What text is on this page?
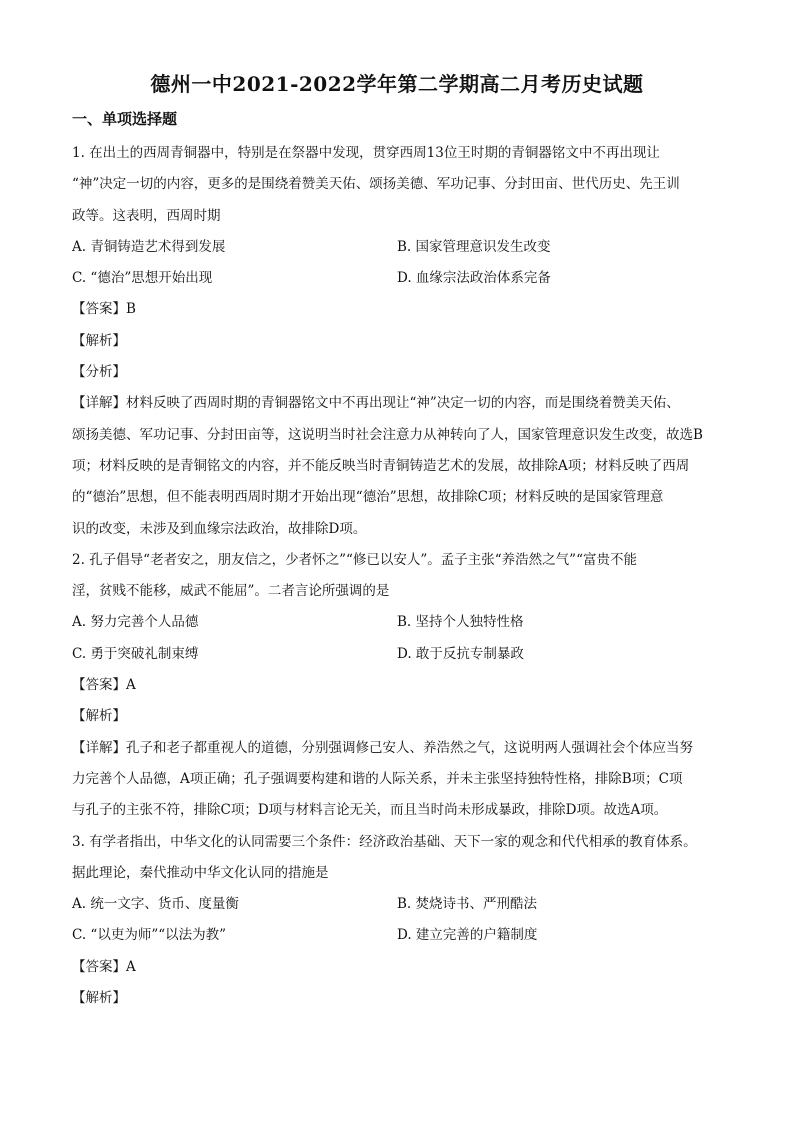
德州一中2021-2022学年第二学期高二月考历史试题
一、单项选择题
1. 在出土的西周青铜器中，特别是在祭器中发现，贯穿西周13位王时期的青铜器铭文中不再出现让
“神”决定一切的内容，更多的是围绕着赞美天佑、颂扬美德、军功记事、分封田亩、世代历史、先王训
政等。这表明，西周时期
A. 青铜铸造艺术得到发展	B. 国家管理意识发生改变
C. “德治”思想开始出现	D. 血缘宗法政治体系完备
【答案】B
【解析】
【分析】
【详解】材料反映了西周时期的青铜器铭文中不再出现让“神”决定一切的内容，而是围绕着赞美天佑、
颂扬美德、军功记事、分封田亩等，这说明当时社会注意力从神转向了人，国家管理意识发生改变，故选B
项；材料反映的是青铜铭文的内容，并不能反映当时青铜铸造艺术的发展，故排除A项；材料反映了西周
的“德治”思想，但不能表明西周时期才开始出现“德治”思想，故排除C项；材料反映的是国家管理意
识的改变，未涉及到血缘宗法政治，故排除D项。
2. 孔子倡导“老者安之，朋友信之，少者怀之”“修已以安人”。孟子主张“养浩然之气”“富贵不能
淫，贫贱不能移，威武不能屈”。二者言论所强调的是
A. 努力完善个人品德	B. 坚持个人独特性格
C. 勇于突破礼制束缚	D. 敢于反抗专制暴政
【答案】A
【解析】
【详解】孔子和老子都重视人的道德，分别强调修己安人、养浩然之气，这说明两人强调社会个体应当努
力完善个人品德，A项正确；孔子强调要构建和谐的人际关系，并未主张坚持独特性格，排除B项；C项
与孔子的主张不符，排除C项；D项与材料言论无关，而且当时尚未形成暴政，排除D项。故选A项。
3. 有学者指出，中华文化的认同需要三个条件：经济政治基础、天下一家的观念和代代相承的教育体系。
据此理论，秦代推动中华文化认同的措施是
A. 统一文字、货币、度量衡	B. 焚烧诗书、严刑酷法
C. “以吏为师”“以法为教”	D. 建立完善的户籍制度
【答案】A
【解析】
